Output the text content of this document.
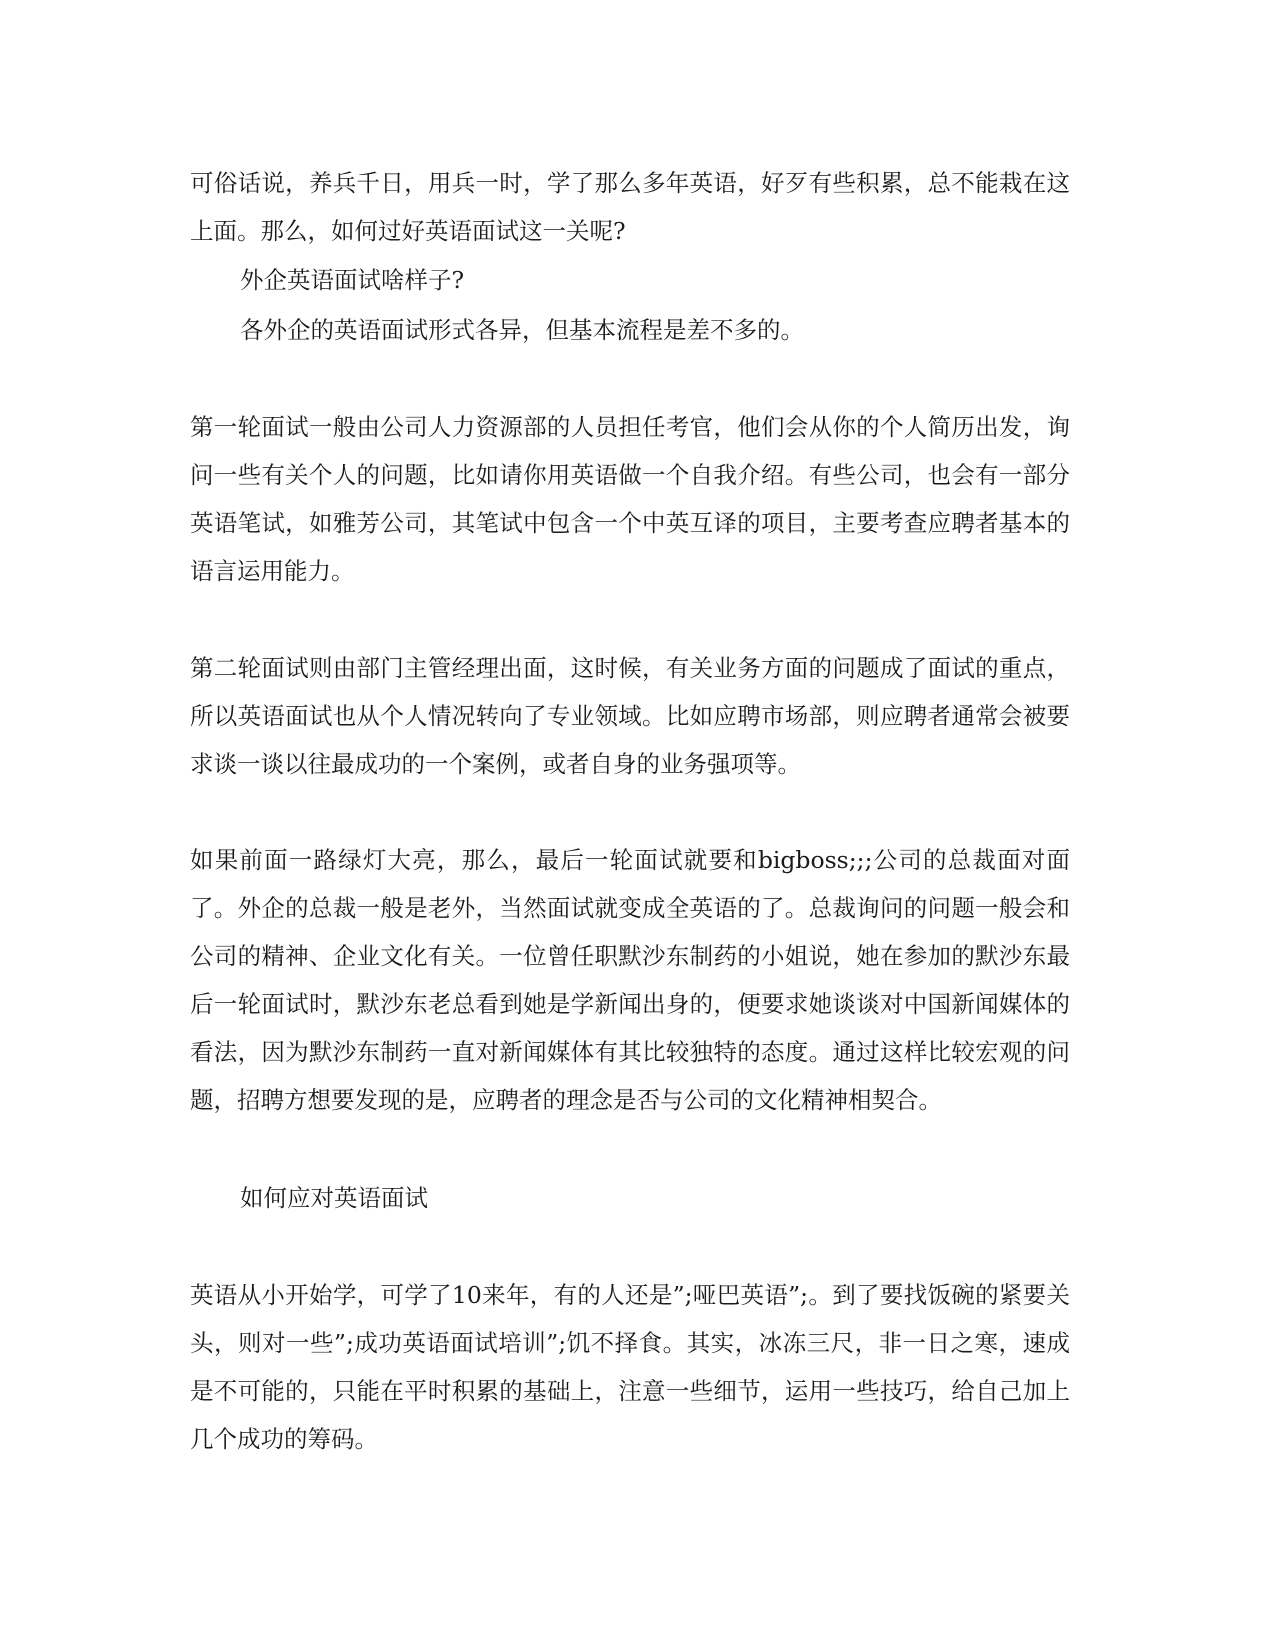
可俗话说，养兵千日，用兵一时，学了那么多年英语，好歹有些积累，总不能栽在这上面。那么，如何过好英语面试这一关呢?

外企英语面试啥样子?

各外企的英语面试形式各异，但基本流程是差不多的。

第一轮面试一般由公司人力资源部的人员担任考官，他们会从你的个人简历出发，询问一些有关个人的问题，比如请你用英语做一个自我介绍。有些公司，也会有一部分英语笔试，如雅芳公司，其笔试中包含一个中英互译的项目，主要考查应聘者基本的语言运用能力。

第二轮面试则由部门主管经理出面，这时候，有关业务方面的问题成了面试的重点，所以英语面试也从个人情况转向了专业领域。比如应聘市场部，则应聘者通常会被要求谈一谈以往最成功的一个案例，或者自身的业务强项等。

如果前面一路绿灯大亮，那么，最后一轮面试就要和bigboss;;;公司的总裁面对面了。外企的总裁一般是老外，当然面试就变成全英语的了。总裁询问的问题一般会和公司的精神、企业文化有关。一位曾任职默沙东制药的小姐说，她在参加的默沙东最后一轮面试时，默沙东老总看到她是学新闻出身的，便要求她谈谈对中国新闻媒体的看法，因为默沙东制药一直对新闻媒体有其比较独特的态度。通过这样比较宏观的问题，招聘方想要发现的是，应聘者的理念是否与公司的文化精神相契合。

如何应对英语面试

英语从小开始学，可学了10来年，有的人还是”;哑巴英语”;。到了要找饭碗的紧要关头，则对一些”;成功英语面试培训”;饥不择食。其实，冰冻三尺，非一日之寒，速成是不可能的，只能在平时积累的基础上，注意一些细节，运用一些技巧，给自己加上几个成功的筹码。
